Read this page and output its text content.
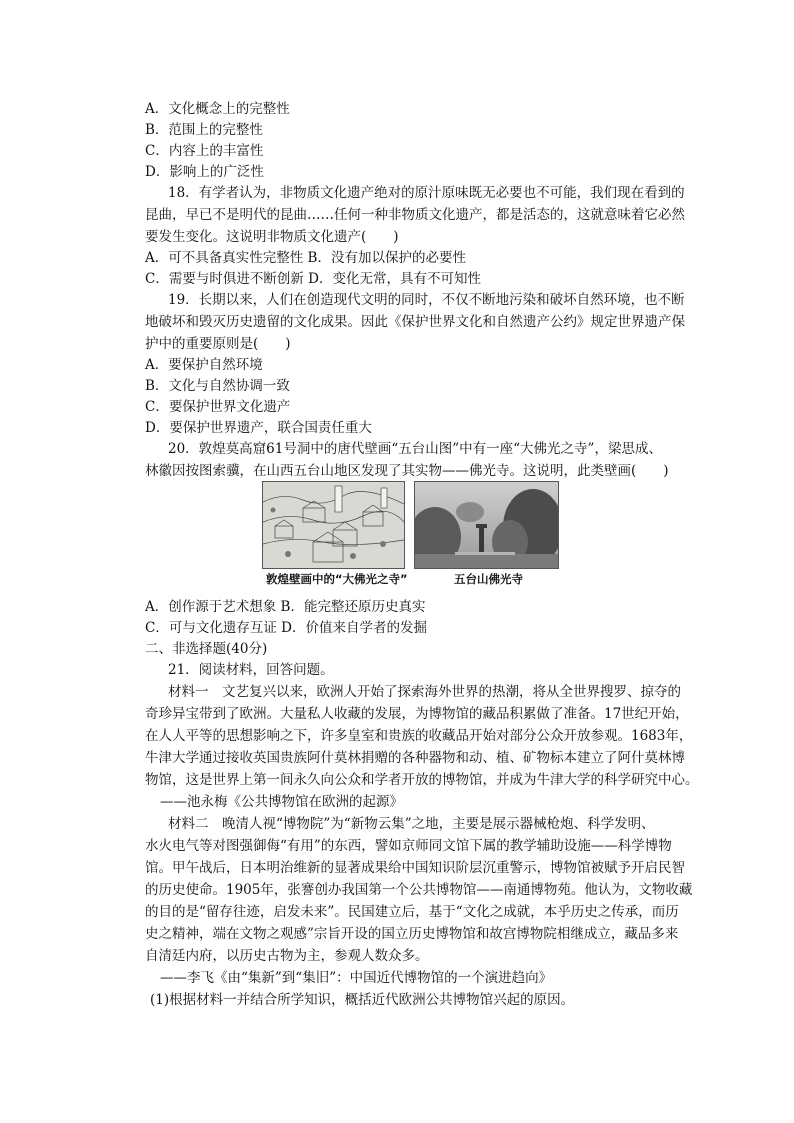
A．文化概念上的完整性
B．范围上的完整性
C．内容上的丰富性
D．影响上的广泛性
18．有学者认为，非物质文化遗产绝对的原汁原味既无必要也不可能，我们现在看到的
昆曲，早已不是明代的昆曲……任何一种非物质文化遗产，都是活态的，这就意味着它必然
要发生变化。这说明非物质文化遗产(　　)
A．可不具备真实性完整性 B．没有加以保护的必要性
C．需要与时俱进不断创新 D．变化无常，具有不可知性
19．长期以来，人们在创造现代文明的同时，不仅不断地污染和破坏自然环境，也不断
地破坏和毁灭历史遗留的文化成果。因此《保护世界文化和自然遗产公约》规定世界遗产保
护中的重要原则是(　　)
A．要保护自然环境
B．文化与自然协调一致
C．要保护世界文化遗产
D．要保护世界遗产，联合国责任重大
20．敦煌莫高窟61号洞中的唐代壁画“五台山图”中有一座“大佛光之寺”，梁思成、
林徽因按图索骥，在山西五台山地区发现了其实物——佛光寺。这说明，此类壁画(　　)
敦煌壁画中的“大佛光之寺”	五台山佛光寺
A．创作源于艺术想象 B．能完整还原历史真实
C．可与文化遗存互证 D．价值来自学者的发掘
二、非选择题(40分)
21．阅读材料，回答问题。
材料一　文艺复兴以来，欧洲人开始了探索海外世界的热潮，将从全世界搜罗、掠夺的
奇珍异宝带到了欧洲。大量私人收藏的发展，为博物馆的藏品积累做了准备。17世纪开始，
在人人平等的思想影响之下，许多皇室和贵族的收藏品开始对部分公众开放参观。1683年，
牛津大学通过接收英国贵族阿什莫林捐赠的各种器物和动、植、矿物标本建立了阿什莫林博
物馆，这是世界上第一间永久向公众和学者开放的博物馆，并成为牛津大学的科学研究中心。
——池永梅《公共博物馆在欧洲的起源》
材料二　晚清人视“博物院”为“新物云集”之地，主要是展示器械枪炮、科学发明、
水火电气等对图强御侮“有用”的东西，譬如京师同文馆下属的教学辅助设施——科学博物
馆。甲午战后，日本明治维新的显著成果给中国知识阶层沉重警示，博物馆被赋予开启民智
的历史使命。1905年，张謇创办我国第一个公共博物馆——南通博物苑。他认为，文物收藏
的目的是“留存往迹，启发未来”。民国建立后，基于“文化之成就，本乎历史之传承，而历
史之精神，端在文物之观感”宗旨开设的国立历史博物馆和故宫博物院相继成立，藏品多来
自清廷内府，以历史古物为主，参观人数众多。
——李飞《由“集新”到“集旧”：中国近代博物馆的一个演进趋向》
(1)根据材料一并结合所学知识，概括近代欧洲公共博物馆兴起的原因。
